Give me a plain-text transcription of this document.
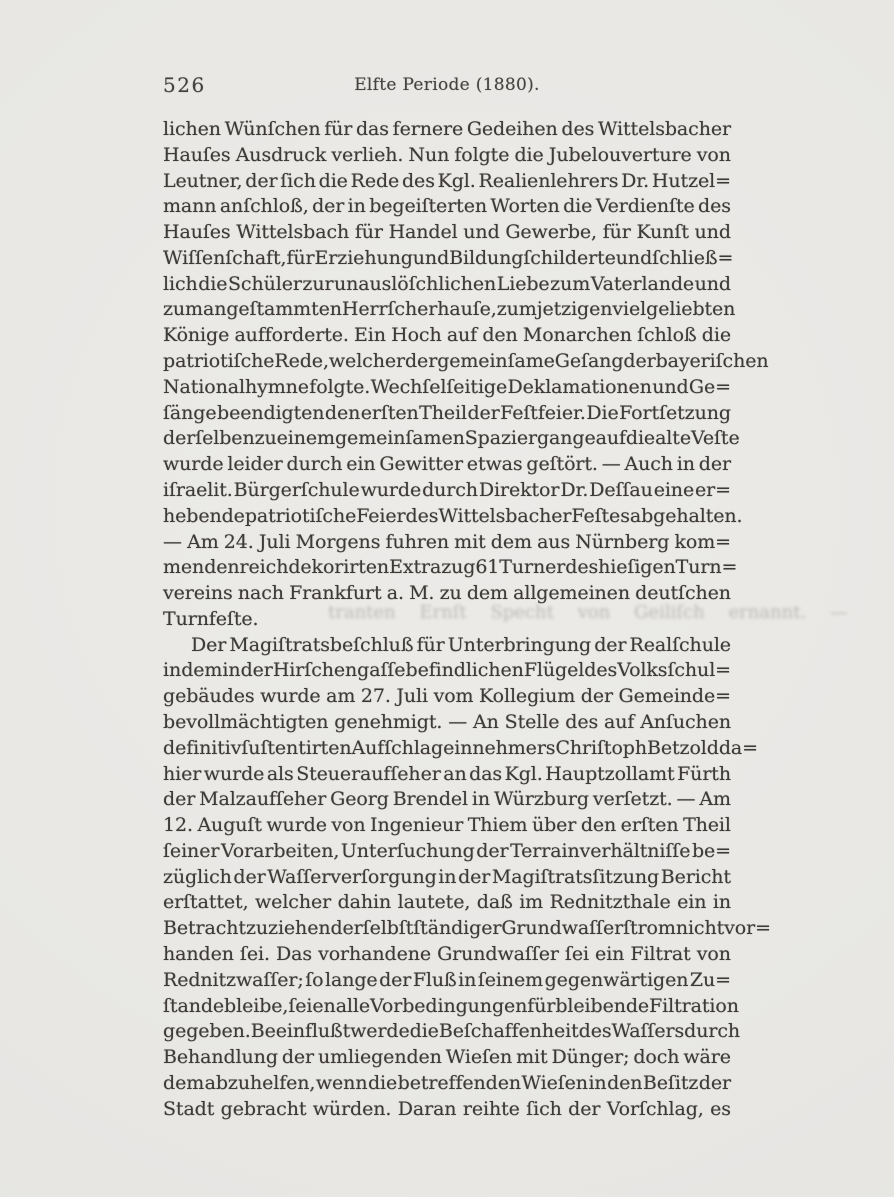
526	Elfte Periode (1880).
tranten Ernſt Specht von Geiliſch ernannt. —
lichen Wünſchen für das fernere Gedeihen des Wittelsbacher
Hauſes Ausdruck verlieh. Nun folgte die Jubelouverture von
Leutner, der ſich die Rede des Kgl. Realienlehrers Dr. Hutzel=
mann anſchloß, der in begeiſterten Worten die Verdienſte des
Hauſes Wittelsbach für Handel und Gewerbe, für Kunſt und
Wiſſenſchaft, für Erziehung und Bildung ſchilderte und ſchließ=
lich die Schüler zur unauslöſchlichen Liebe zum Vaterlande und
zum angeſtammten Herrſcherhauſe, zum jetzigen vielgeliebten
Könige aufforderte. Ein Hoch auf den Monarchen ſchloß die
patriotiſche Rede, welcher der gemeinſame Geſang der bayeriſchen
Nationalhymne folgte. Wechſelſeitige Deklamationen und Ge=
ſänge beendigten den erſten Theil der Feſtfeier. Die Fortſetzung
derſelben zu einem gemeinſamen Spaziergange auf die alte Veſte
wurde leider durch ein Gewitter etwas geſtört. — Auch in der
iſraelit. Bürgerſchule wurde durch Direktor Dr. Deſſau eine er=
hebende patriotiſche Feier des Wittelsbacher Feſtes abgehalten.
— Am 24. Juli Morgens fuhren mit dem aus Nürnberg kom=
menden reich dekorirten Extrazug 61 Turner des hieſigen Turn=
vereins nach Frankfurt a. M. zu dem allgemeinen deutſchen
Turnfeſte.
Der Magiſtratsbeſchluß für Unterbringung der Realſchule
in dem in der Hirſchengaſſe befindlichen Flügel des Volksſchul=
gebäudes wurde am 27. Juli vom Kollegium der Gemeinde=
bevollmächtigten genehmigt. — An Stelle des auf Anſuchen
definitiv ſuſtentirten Aufſchlageinnehmers Chriſtoph Betzold da=
hier wurde als Steueraufſeher an das Kgl. Hauptzollamt Fürth
der Malzaufſeher Georg Brendel in Würzburg verſetzt. — Am
12. Auguſt wurde von Ingenieur Thiem über den erſten Theil
ſeiner Vorarbeiten, Unterſuchung der Terrainverhältniſſe be=
züglich der Waſſerverſorgung in der Magiſtratsſitzung Bericht
erſtattet, welcher dahin lautete, daß im Rednitzthale ein in
Betracht zu ziehender ſelbſtſtändiger Grundwaſſerſtrom nicht vor=
handen ſei. Das vorhandene Grundwaſſer ſei ein Filtrat von
Rednitzwaſſer; ſo lange der Fluß in ſeinem gegenwärtigen Zu=
ſtande bleibe, ſeien alle Vorbedingungen für bleibende Filtration
gegeben. Beeinflußt werde die Beſchaffenheit des Waſſers durch
Behandlung der umliegenden Wieſen mit Dünger; doch wäre
dem abzuhelfen, wenn die betreffenden Wieſen in den Beſitz der
Stadt gebracht würden. Daran reihte ſich der Vorſchlag, es
